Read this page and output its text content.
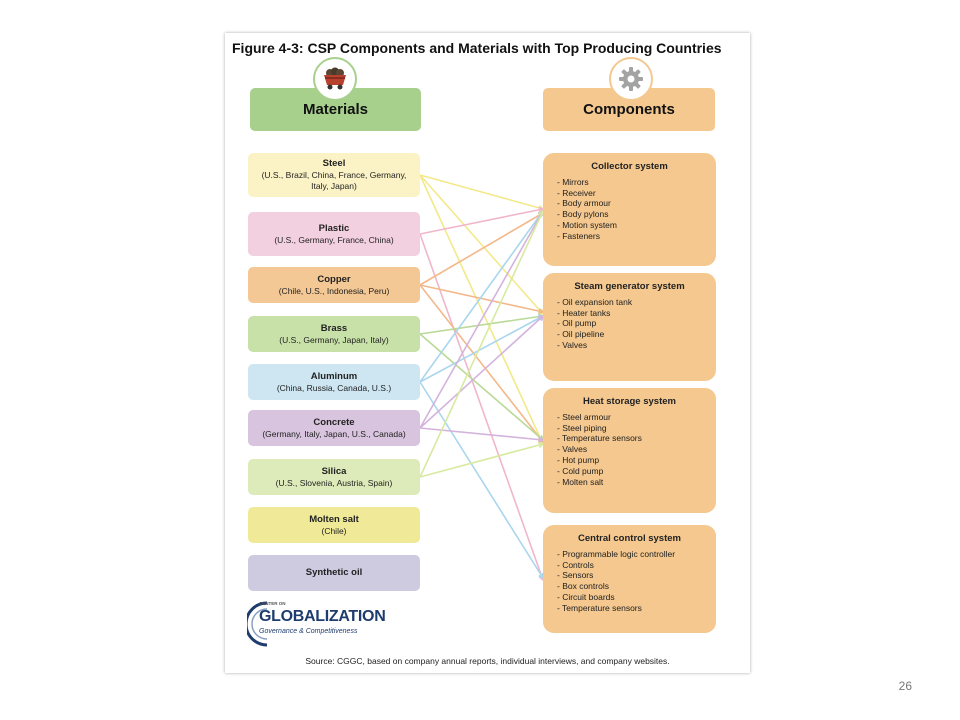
Figure 4-3: CSP Components and Materials with Top Producing Countries
Materials	Components
Steel
(U.S., Brazil, China, France, Germany,
Italy, Japan)
Plastic
(U.S., Germany, France, China)
Copper
(Chile, U.S., Indonesia, Peru)
Brass
(U.S., Germany, Japan, Italy)
Aluminum
(China, Russia, Canada, U.S.)
Concrete
(Germany, Italy, Japan, U.S., Canada)
Silica
(U.S., Slovenia, Austria, Spain)
Molten salt
(Chile)
Synthetic oil
Collector system
- Mirrors
- Receiver
- Body armour
- Body pylons
- Motion system
- Fasteners
Steam generator system
- Oil expansion tank
- Heater tanks
- Oil pump
- Oil pipeline
- Valves
Heat storage system
- Steel armour
- Steel piping
- Temperature sensors
- Valves
- Hot pump
- Cold pump
- Molten salt
Central control system
- Programmable logic controller
- Controls
- Sensors
- Box controls
- Circuit boards
- Temperature sensors
CENTER ON
GLOBALIZATION
Governance & Competitiveness
Source: CGGC, based on company annual reports, individual interviews, and company websites.
26
